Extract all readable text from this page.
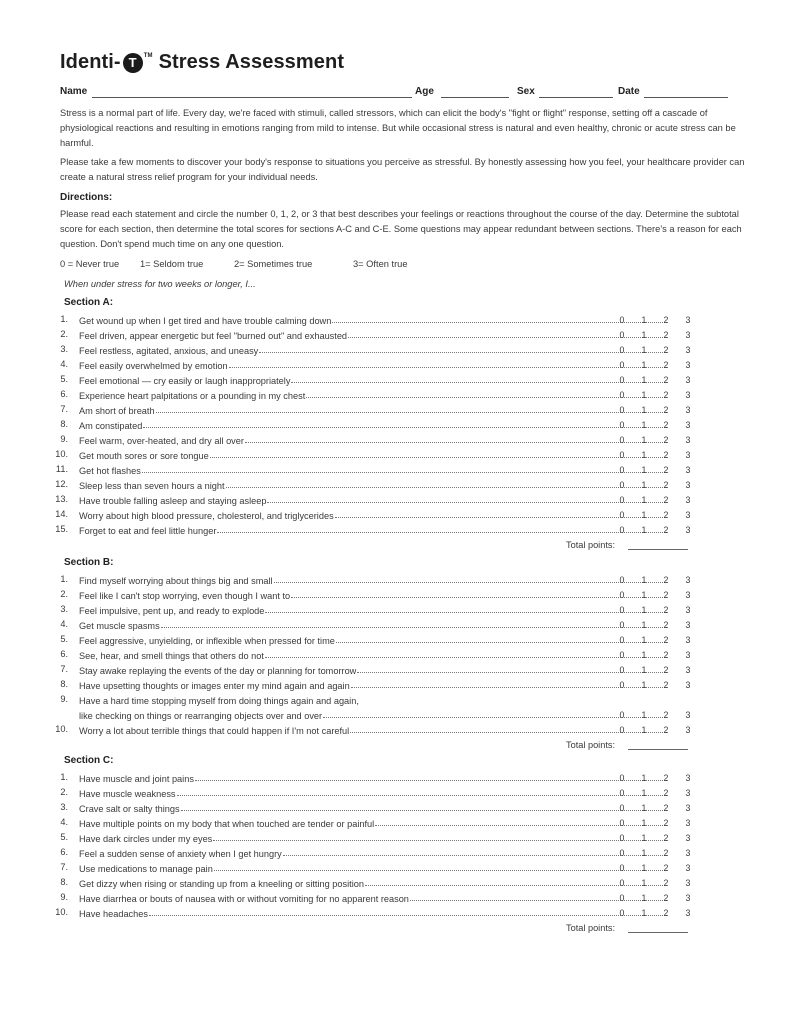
Identi- T	TM Stress Assessment
Name	Age	Sex	Date

Stress is a normal part of life. Every day, we're faced with stimuli, called stressors, which can elicit the body's "fight or flight" response, setting off a cascade of physiological reactions and resulting in emotions ranging from mild to intense. But while occasional stress is natural and even healthy, chronic or acute stress can be harmful.

Please take a few moments to discover your body's response to situations you perceive as stressful. By honestly assessing how you feel, your healthcare provider can create a natural stress relief program for your individual needs.

Directions:

Please read each statement and circle the number 0, 1, 2, or 3 that best describes your feelings or reactions throughout the course of the day. Determine the subtotal score for each section, then determine the total scores for sections A-C and C-E. Some questions may appear redundant between sections. There's a reason for each question. Don't spend much time on any one question.

0 = Never true 1= Seldom true	2= Sometimes true	3= Often true
When under stress for two weeks or longer, I...
Section A:
1. Get wound up when I get tired and have trouble calming down	0 1 2 3
2. Feel driven, appear energetic but feel "burned out" and exhausted	0 1 2 3
3. Feel restless, agitated, anxious, and uneasy	0 1 2 3
4. Feel easily overwhelmed by emotion	0 1 2 3
5. Feel emotional — cry easily or laugh inappropriately	0 1 2 3
6. Experience heart palpitations or a pounding in my chest	0 1 2 3
7. Am short of breath	0 1 2 3
8. Am constipated	0 1 2 3
9. Feel warm, over-heated, and dry all over	0 1 2 3
10. Get mouth sores or sore tongue	0 1 2 3
11. Get hot flashes	0 1 2 3
12. Sleep less than seven hours a night	0 1 2 3
13. Have trouble falling asleep and staying asleep	0 1 2 3
14. Worry about high blood pressure, cholesterol, and triglycerides	0 1 2 3
15. Forget to eat and feel little hunger	0 1 2 3
Total points:
Section B:
1. Find myself worrying about things big and small	0 1 2 3
2. Feel like I can't stop worrying, even though I want to	0 1 2 3
3. Feel impulsive, pent up, and ready to explode	0 1 2 3
4. Get muscle spasms	0 1 2 3
5. Feel aggressive, unyielding, or inflexible when pressed for time	0 1 2 3
6. See, hear, and smell things that others do not	0 1 2 3
7. Stay awake replaying the events of the day or planning for tomorrow	0 1 2 3
8. Have upsetting thoughts or images enter my mind again and again	0 1 2 3
9. Have a hard time stopping myself from doing things again and again,
like checking on things or rearranging objects over and over	0 1 2 3
10. Worry a lot about terrible things that could happen if I'm not careful	0 1 2 3
Total points:
Section C:
1. Have muscle and joint pains	0 1 2 3
2. Have muscle weakness	0 1 2 3
3. Crave salt or salty things	0 1 2 3
4. Have multiple points on my body that when touched are tender or painful	0 1 2 3
5. Have dark circles under my eyes	0 1 2 3
6. Feel a sudden sense of anxiety when I get hungry	0 1 2 3
7. Use medications to manage pain	0 1 2 3
8. Get dizzy when rising or standing up from a kneeling or sitting position	0 1 2 3
9. Have diarrhea or bouts of nausea with or without vomiting for no apparent reason	0 1 2 3
10. Have headaches	0 1 2 3
Total points:
